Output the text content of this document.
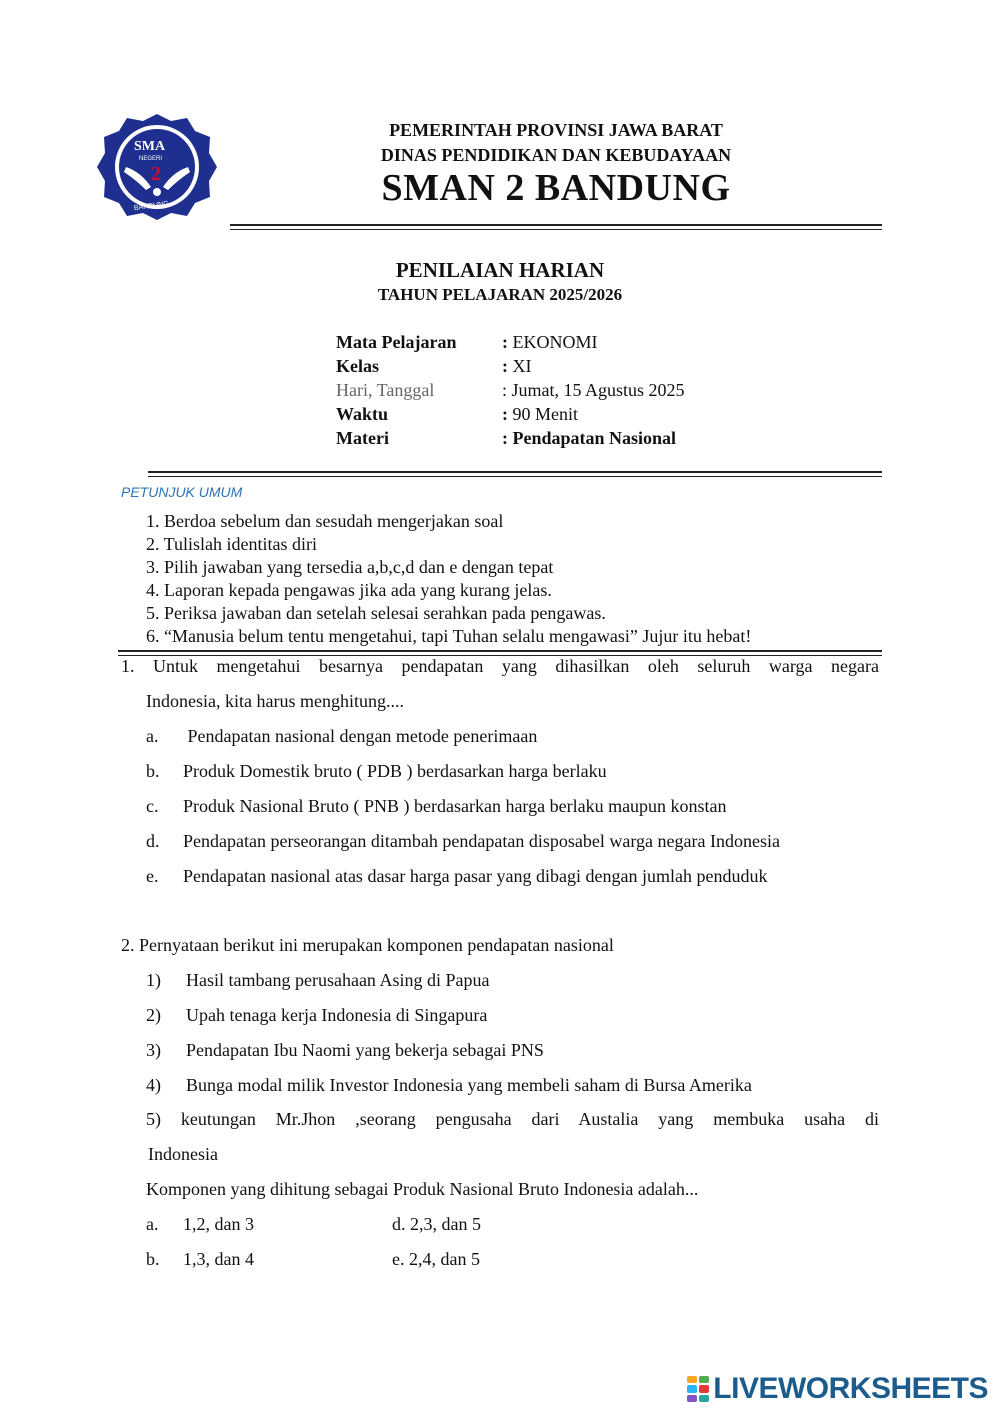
SMA
NEGERI
2
BANDUNG
PEMERINTAH PROVINSI JAWA BARAT
DINAS PENDIDIKAN DAN KEBUDAYAAN
SMAN 2 BANDUNG
PENILAIAN HARIAN
TAHUN PELAJARAN 2025/2026
Mata Pelajaran	: EKONOMI
Kelas	: XI
Hari, Tanggal	: Jumat, 15 Agustus 2025
Waktu	: 90 Menit
Materi	: Pendapatan Nasional
PETUNJUK UMUM
1. Berdoa sebelum dan sesudah mengerjakan soal
2. Tulislah identitas diri
3. Pilih jawaban yang tersedia a,b,c,d dan e dengan tepat
4. Laporan kepada pengawas jika ada yang kurang jelas.
5. Periksa jawaban dan setelah selesai serahkan pada pengawas.
6. “Manusia belum tentu mengetahui, tapi Tuhan selalu mengawasi” Jujur itu hebat!
1. Untuk mengetahui besarnya pendapatan yang dihasilkan oleh seluruh warga negara
Indonesia, kita harus menghitung....
a. Pendapatan nasional dengan metode penerimaan
b. Produk Domestik bruto ( PDB ) berdasarkan harga berlaku
c. Produk Nasional Bruto ( PNB ) berdasarkan harga berlaku maupun konstan
d. Pendapatan perseorangan ditambah pendapatan disposabel warga negara Indonesia
e. Pendapatan nasional atas dasar harga pasar yang dibagi dengan jumlah penduduk
2. Pernyataan berikut ini merupakan komponen pendapatan nasional
1) Hasil tambang perusahaan Asing di Papua
2) Upah tenaga kerja Indonesia di Singapura
3) Pendapatan Ibu Naomi yang bekerja sebagai PNS
4) Bunga modal milik Investor Indonesia yang membeli saham di Bursa Amerika
5) keutungan Mr.Jhon ,seorang pengusaha dari Austalia yang membuka usaha di
Indonesia
Komponen yang dihitung sebagai Produk Nasional Bruto Indonesia adalah...
a. 1,2, dan 3	d. 2,3, dan 5
b. 1,3, dan 4	e. 2,4, dan 5
LIVEWORKSHEETS
